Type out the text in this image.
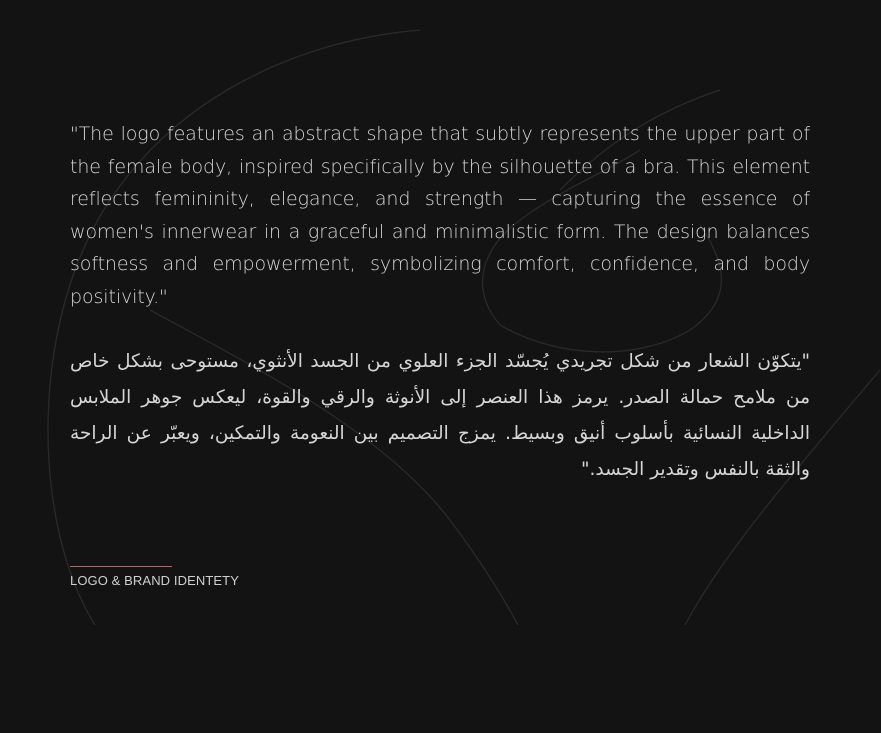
"The logo features an abstract shape that subtly represents the upper part of the female body, inspired specifically by the silhouette of a bra. This element reflects femininity, elegance, and strength — capturing the essence of women's innerwear in a graceful and minimalistic form. The design balances softness and empowerment, symbolizing comfort, confidence, and body positivity."

"يتكوّن الشعار من شكل تجريدي يُجسّد الجزء العلوي من الجسد الأنثوي، مستوحى بشكل خاص من ملامح حمالة الصدر. يرمز هذا العنصر إلى الأنوثة والرقي والقوة، ليعكس جوهر الملابس الداخلية النسائية بأسلوب أنيق وبسيط. يمزج التصميم بين النعومة والتمكين، ويعبّر عن الراحة والثقة بالنفس وتقدير الجسد."

LOGO & BRAND IDENTETY
